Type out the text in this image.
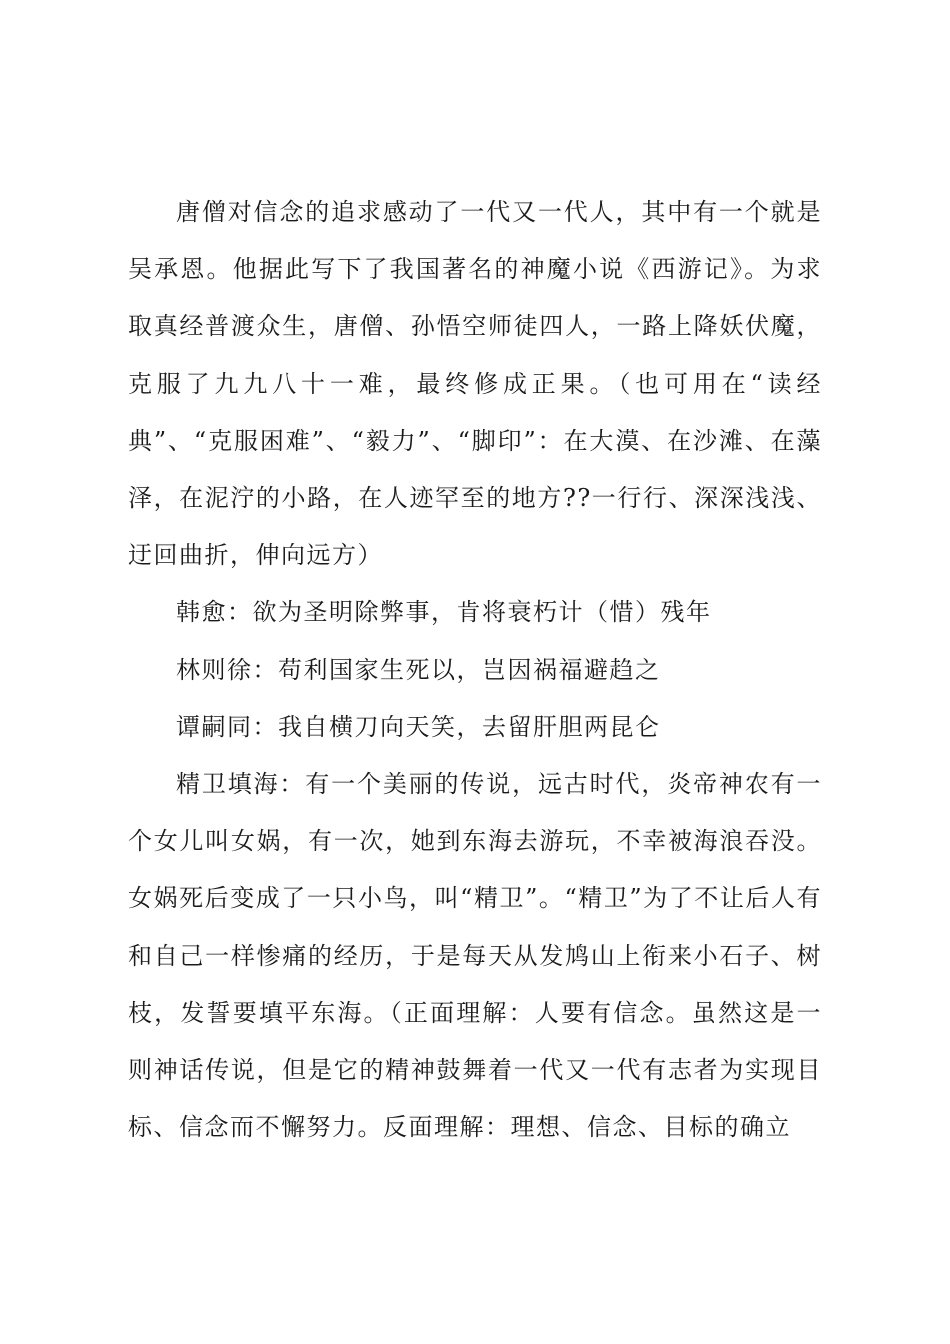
唐僧对信念的追求感动了一代又一代人，其中有一个就是吴承恩。他据此写下了我国著名的神魔小说《西游记》。为求取真经普渡众生，唐僧、孙悟空师徒四人，一路上降妖伏魔，克服了九九八十一难，最终修成正果。（也可用在“读经典”、“克服困难”、“毅力”、“脚印”：在大漠、在沙滩、在藻泽，在泥泞的小路，在人迹罕至的地方??一行行、深深浅浅、迂回曲折，伸向远方）

韩愈：欲为圣明除弊事，肯将衰朽计（惜）残年

林则徐：苟利国家生死以，岂因祸福避趋之

谭嗣同：我自横刀向天笑，去留肝胆两昆仑

精卫填海：有一个美丽的传说，远古时代，炎帝神农有一个女儿叫女娲，有一次，她到东海去游玩，不幸被海浪吞没。女娲死后变成了一只小鸟，叫“精卫”。“精卫”为了不让后人有和自己一样惨痛的经历，于是每天从发鸠山上衔来小石子、树枝，发誓要填平东海。（正面理解：人要有信念。虽然这是一则神话传说，但是它的精神鼓舞着一代又一代有志者为实现目标、信念而不懈努力。反面理解：理想、信念、目标的确立
